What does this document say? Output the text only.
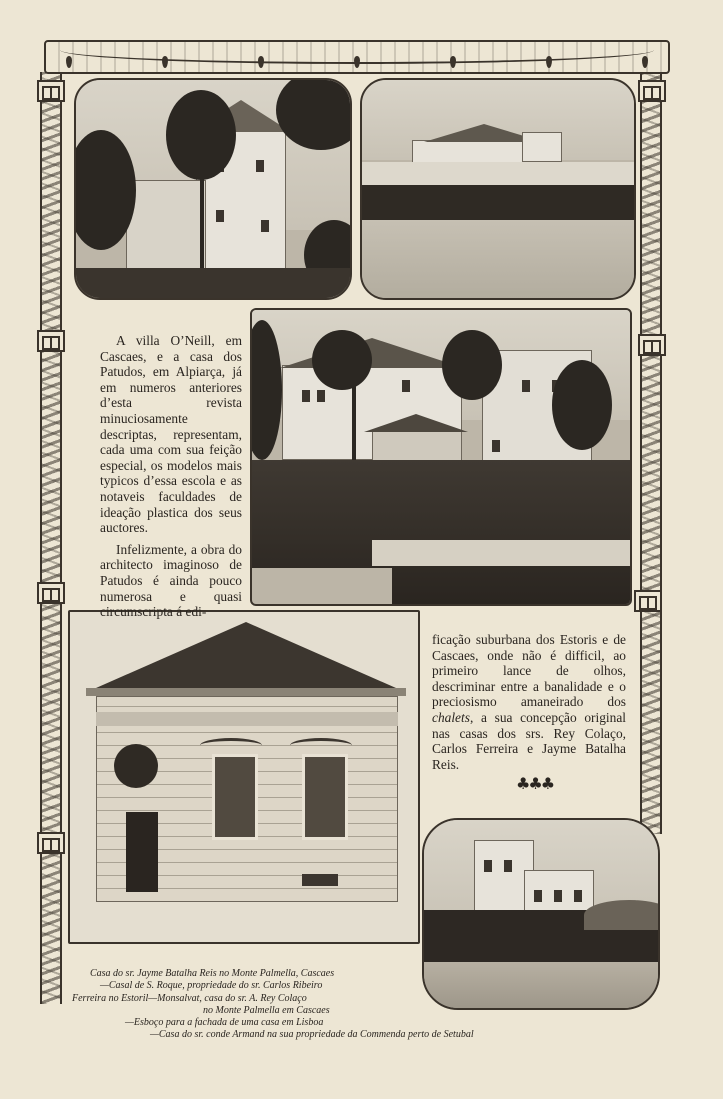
A villa O’Neill, em Cascaes, e a casa dos Patudos, em Alpiarça, já em numeros anteriores d’esta revista minuciosamente descriptas, representam, cada uma com sua feição especial, os modelos mais typicos d’essa escola e as notaveis faculdades de ideação plastica dos seus auctores.

Infelizmente, a obra do architecto imaginoso de Patudos é ainda pouco numerosa e quasi circumscripta á edi-

ficação suburbana dos Estoris e de Cascaes, onde não é difficil, ao primeiro lance de olhos, descriminar entre a banalidade e o preciosismo amaneirado dos chalets, a sua concepção original nas casas dos srs. Rey Colaço, Carlos Ferreira e Jayme Batalha Reis.
♣♣♣
Casa do sr. Jayme Batalha Reis no Monte Palmella, Cascaes
—Casal de S. Roque, propriedade do sr. Carlos Ribeiro
Ferreira no Estoril—Monsalvat, casa do sr. A. Rey Colaço
no Monte Palmella em Cascaes
—Esboço para a fachada de uma casa em Lisboa
—Casa do sr. conde Armand na sua propriedade da Commenda perto de Setubal
